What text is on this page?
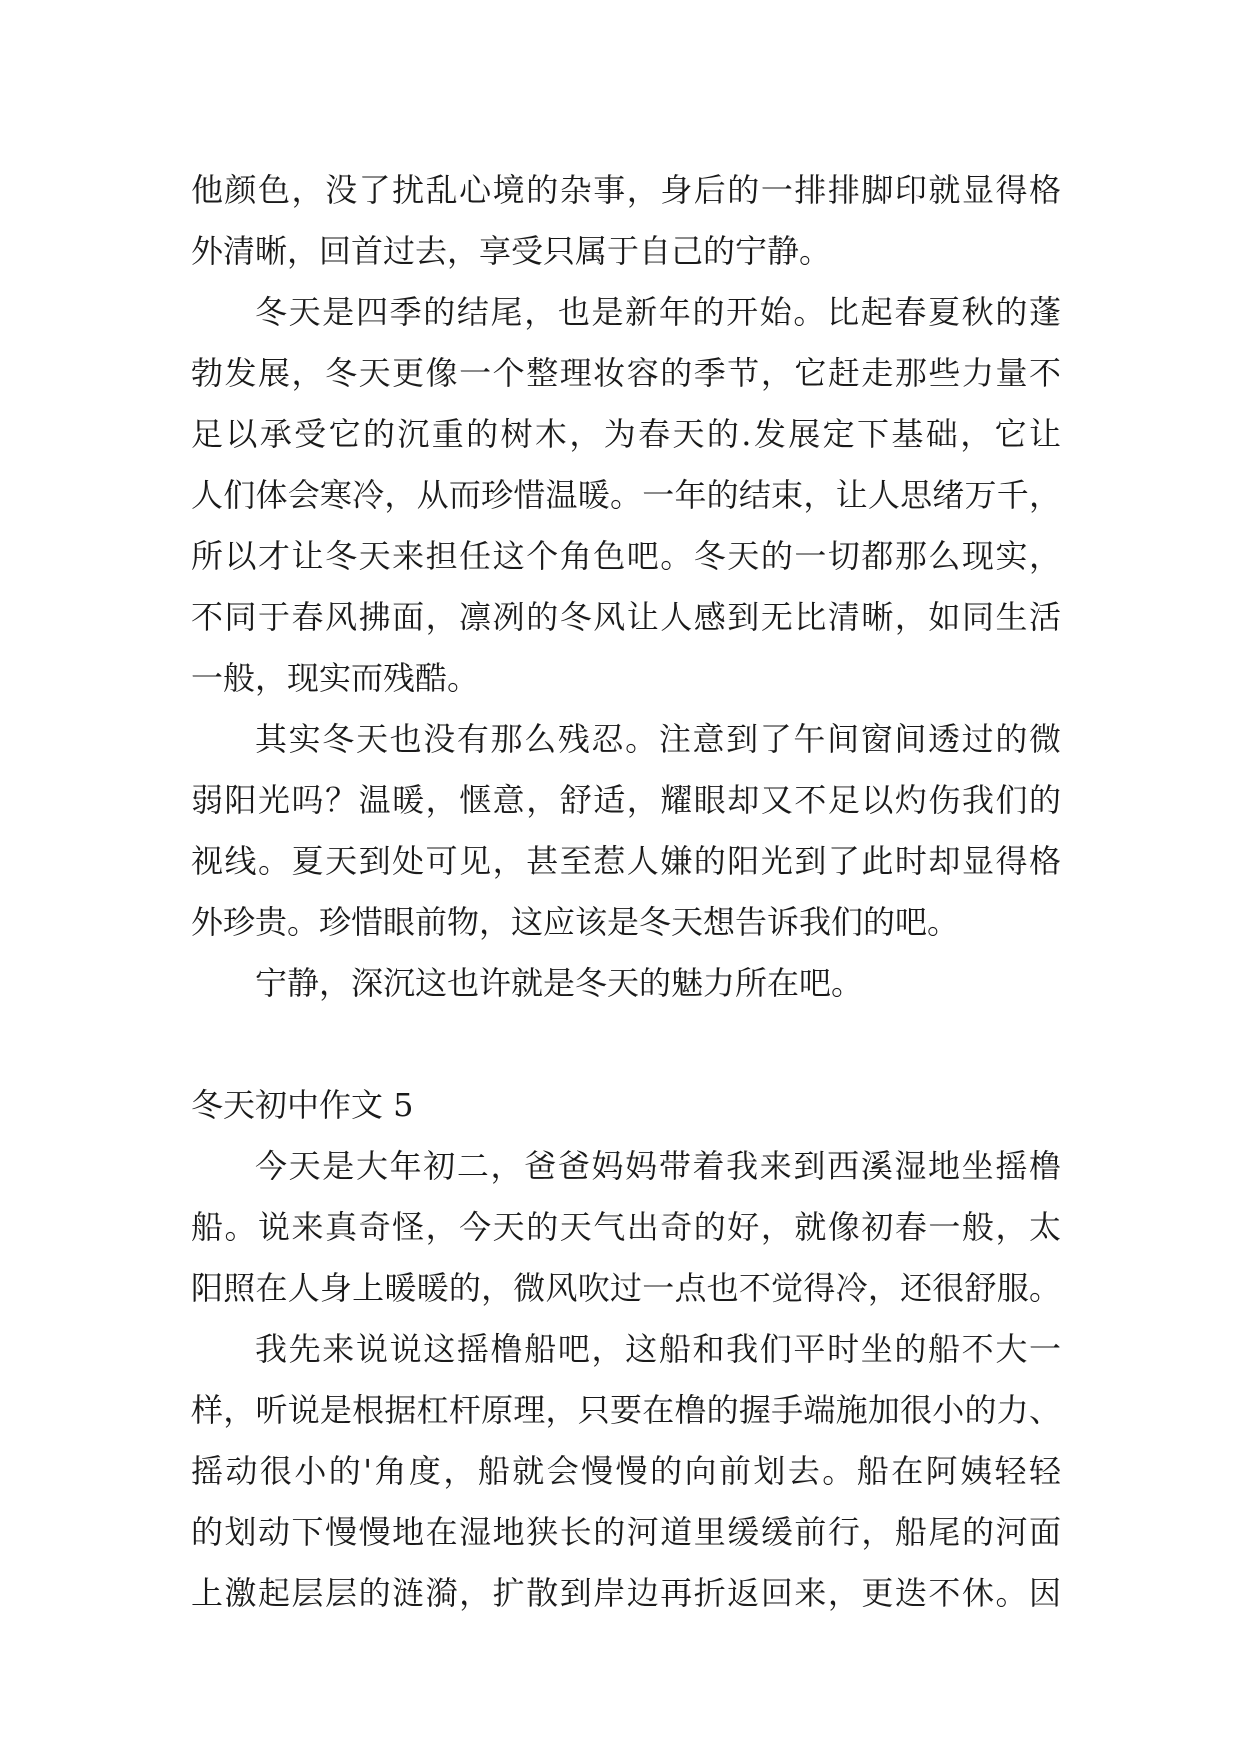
他颜色，没了扰乱心境的杂事，身后的一排排脚印就显得格
外清晰，回首过去，享受只属于自己的宁静。
冬天是四季的结尾，也是新年的开始。比起春夏秋的蓬
勃发展，冬天更像一个整理妆容的季节，它赶走那些力量不
足以承受它的沉重的树木，为春天的.发展定下基础，它让
人们体会寒冷，从而珍惜温暖。一年的结束，让人思绪万千，
所以才让冬天来担任这个角色吧。冬天的一切都那么现实，
不同于春风拂面，凛冽的冬风让人感到无比清晰，如同生活
一般，现实而残酷。
其实冬天也没有那么残忍。注意到了午间窗间透过的微
弱阳光吗？温暖，惬意，舒适，耀眼却又不足以灼伤我们的
视线。夏天到处可见，甚至惹人嫌的阳光到了此时却显得格
外珍贵。珍惜眼前物，这应该是冬天想告诉我们的吧。
宁静，深沉这也许就是冬天的魅力所在吧。
冬天初中作文 5
今天是大年初二，爸爸妈妈带着我来到西溪湿地坐摇橹
船。说来真奇怪，今天的天气出奇的好，就像初春一般，太
阳照在人身上暖暖的，微风吹过一点也不觉得冷，还很舒服。
我先来说说这摇橹船吧，这船和我们平时坐的船不大一
样，听说是根据杠杆原理，只要在橹的握手端施加很小的力、
摇动很小的'角度，船就会慢慢的向前划去。船在阿姨轻轻
的划动下慢慢地在湿地狭长的河道里缓缓前行，船尾的河面
上激起层层的涟漪，扩散到岸边再折返回来，更迭不休。因
